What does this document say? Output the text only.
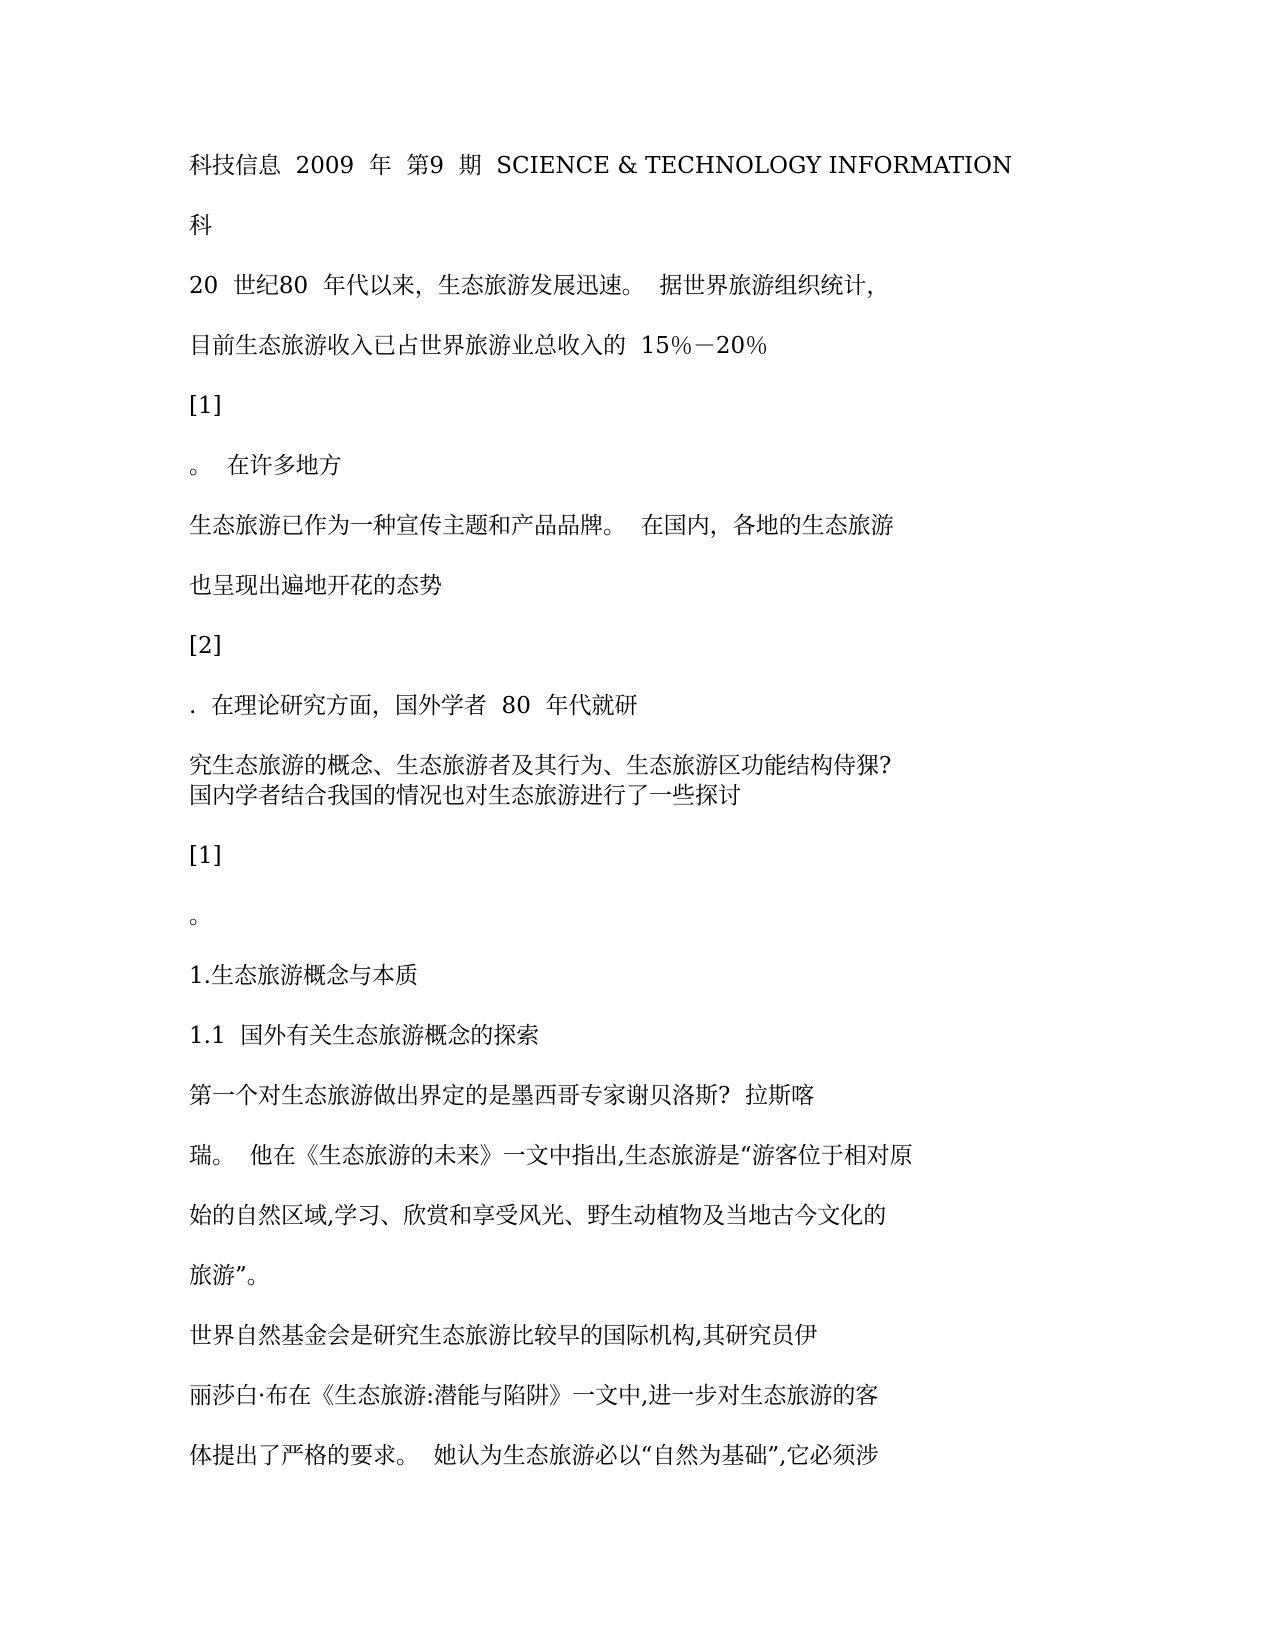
科技信息  2009  年  第9  期  SCIENCE & TECHNOLOGY INFORMATION
科
20  世纪80  年代以来，生态旅游发展迅速。  据世界旅游组织统计，
目前生态旅游收入已占世界旅游业总收入的  15％－20％
[1]
。  在许多地方
生态旅游已作为一种宣传主题和产品品牌。  在国内，各地的生态旅游
也呈现出遍地开花的态势
[2]
.  在理论研究方面，国外学者  80  年代就研
究生态旅游的概念、生态旅游者及其行为、生态旅游区功能结构侍猓?
国内学者结合我国的情况也对生态旅游进行了一些探讨
[1]
。
1.生态旅游概念与本质
1.1  国外有关生态旅游概念的探索
第一个对生态旅游做出界定的是墨西哥专家谢贝洛斯?  拉斯喀
瑞。  他在《生态旅游的未来》一文中指出,生态旅游是“游客位于相对原
始的自然区域,学习、欣赏和享受风光、野生动植物及当地古今文化的
旅游”。
世界自然基金会是研究生态旅游比较早的国际机构,其研究员伊
丽莎白·布在《生态旅游:潜能与陷阱》一文中,进一步对生态旅游的客
体提出了严格的要求。  她认为生态旅游必以“自然为基础”,它必须涉
